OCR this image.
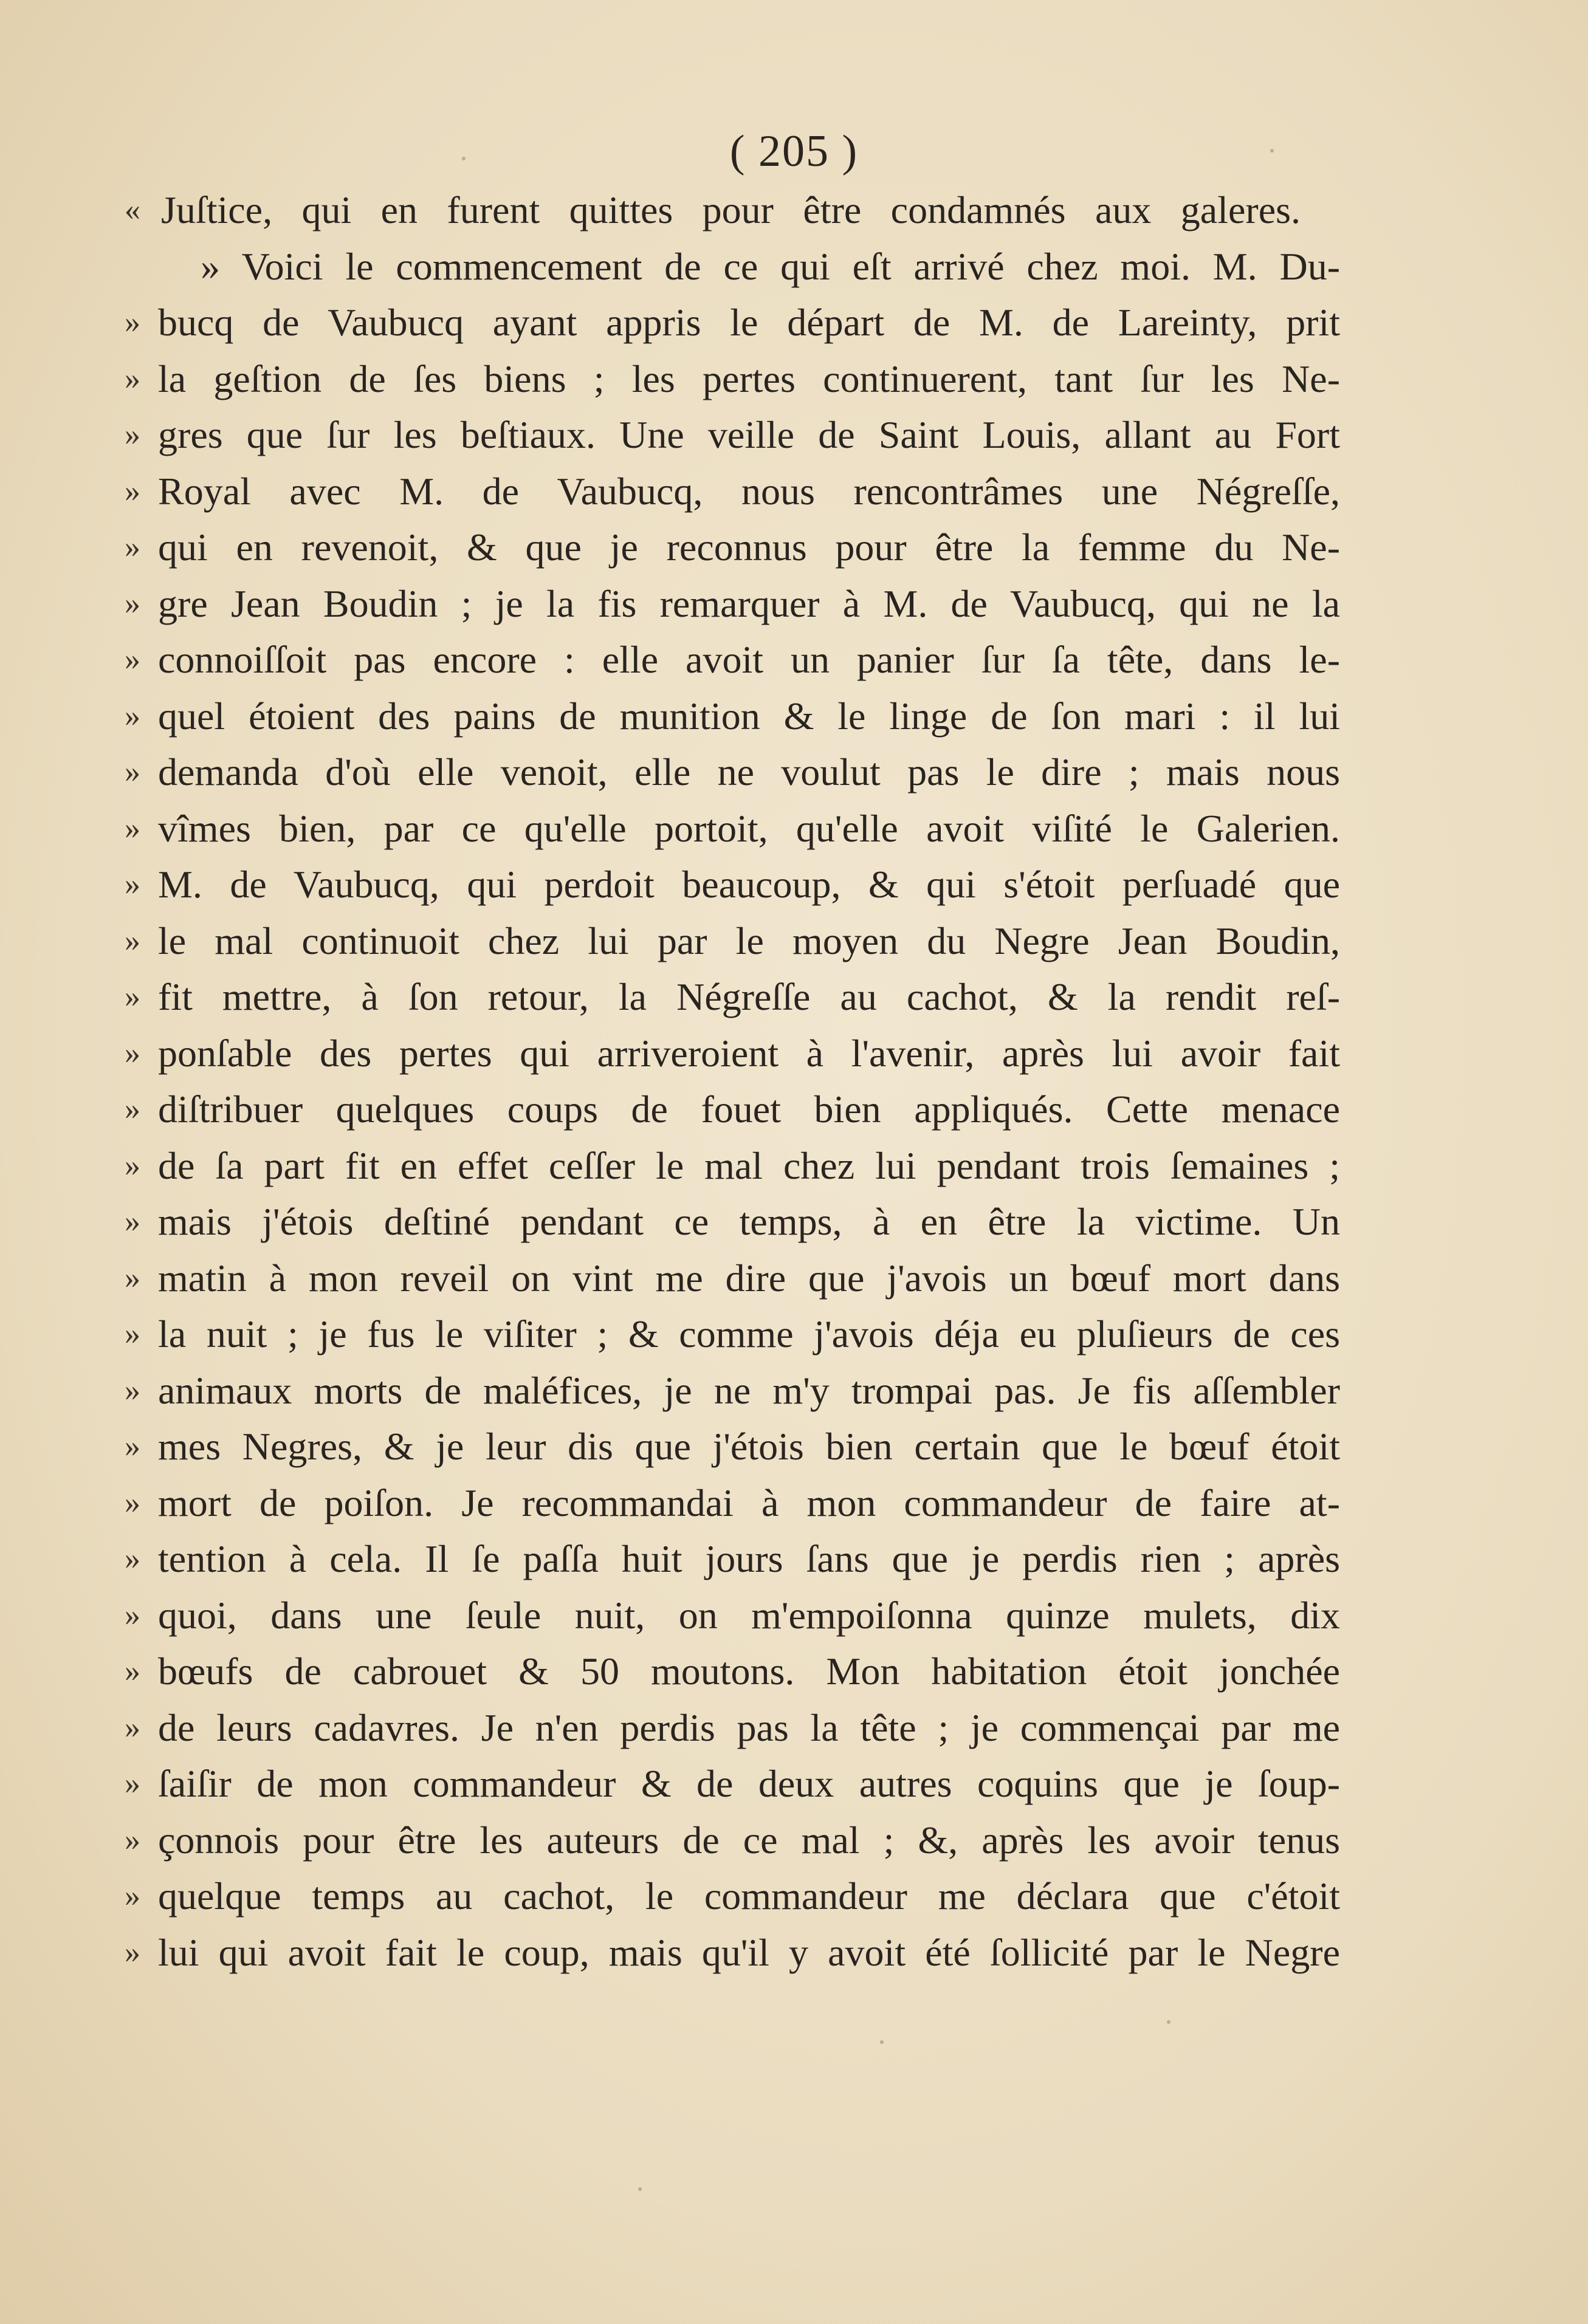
( 205 )
« Juſtice, qui en furent quittes pour être condamnés aux galeres.
» Voici le commencement de ce qui eſt arrivé chez moi. M. Du-
» bucq de Vaubucq ayant appris le départ de M. de Lareinty, prit
» la geſtion de ſes biens ; les pertes continuerent, tant ſur les Ne-
» gres que ſur les beſtiaux. Une veille de Saint Louis, allant au Fort
» Royal avec M. de Vaubucq, nous rencontrâmes une Négreſſe,
» qui en revenoit, & que je reconnus pour être la femme du Ne-
» gre Jean Boudin ; je la fis remarquer à M. de Vaubucq, qui ne la
» connoiſſoit pas encore : elle avoit un panier ſur ſa tête, dans le-
» quel étoient des pains de munition & le linge de ſon mari : il lui
» demanda d'où elle venoit, elle ne voulut pas le dire ; mais nous
» vîmes bien, par ce qu'elle portoit, qu'elle avoit viſité le Galerien.
» M. de Vaubucq, qui perdoit beaucoup, & qui s'étoit perſuadé que
» le mal continuoit chez lui par le moyen du Negre Jean Boudin,
» fit mettre, à ſon retour, la Négreſſe au cachot, & la rendit reſ-
» ponſable des pertes qui arriveroient à l'avenir, après lui avoir fait
» diſtribuer quelques coups de fouet bien appliqués. Cette menace
» de ſa part fit en effet ceſſer le mal chez lui pendant trois ſemaines ;
» mais j'étois deſtiné pendant ce temps, à en être la victime. Un
» matin à mon reveil on vint me dire que j'avois un bœuf mort dans
» la nuit ; je fus le viſiter ; & comme j'avois déja eu pluſieurs de ces
» animaux morts de maléfices, je ne m'y trompai pas. Je fis aſſembler
» mes Negres, & je leur dis que j'étois bien certain que le bœuf étoit
» mort de poiſon. Je recommandai à mon commandeur de faire at-
» tention à cela. Il ſe paſſa huit jours ſans que je perdis rien ; après
» quoi, dans une ſeule nuit, on m'empoiſonna quinze mulets, dix
» bœufs de cabrouet & 50 moutons. Mon habitation étoit jonchée
» de leurs cadavres. Je n'en perdis pas la tête ; je commençai par me
» ſaiſir de mon commandeur & de deux autres coquins que je ſoup-
» çonnois pour être les auteurs de ce mal ; &, après les avoir tenus
» quelque temps au cachot, le commandeur me déclara que c'étoit
» lui qui avoit fait le coup, mais qu'il y avoit été ſollicité par le Negre
